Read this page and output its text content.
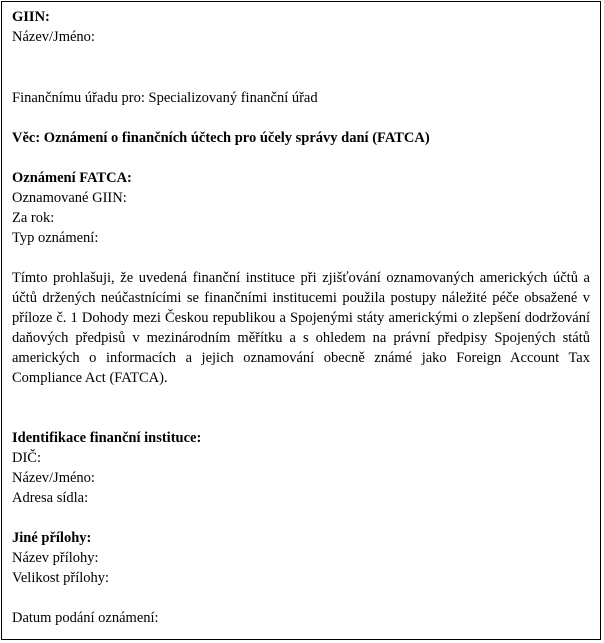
GIIN:
Název/Jméno:
Finančnímu úřadu pro: Specializovaný finanční úřad
Věc: Oznámení o finančních účtech pro účely správy daní (FATCA)
Oznámení FATCA:
Oznamované GIIN:
Za rok:
Typ oznámení:
Tímto prohlašuji, že uvedená finanční instituce při zjišťování oznamovaných amerických účtů a účtů držených neúčastnícími se finančními institucemi použila postupy náležité péče obsažené v příloze č. 1 Dohody mezi Českou republikou a Spojenými státy americkými o zlepšení dodržování daňových předpisů v mezinárodním měřítku a s ohledem na právní předpisy Spojených států amerických o informacích a jejich oznamování obecně známé jako Foreign Account Tax Compliance Act (FATCA).
Identifikace finanční instituce:
DIČ:
Název/Jméno:
Adresa sídla:
Jiné přílohy:
Název přílohy:
Velikost přílohy:
Datum podání oznámení:
